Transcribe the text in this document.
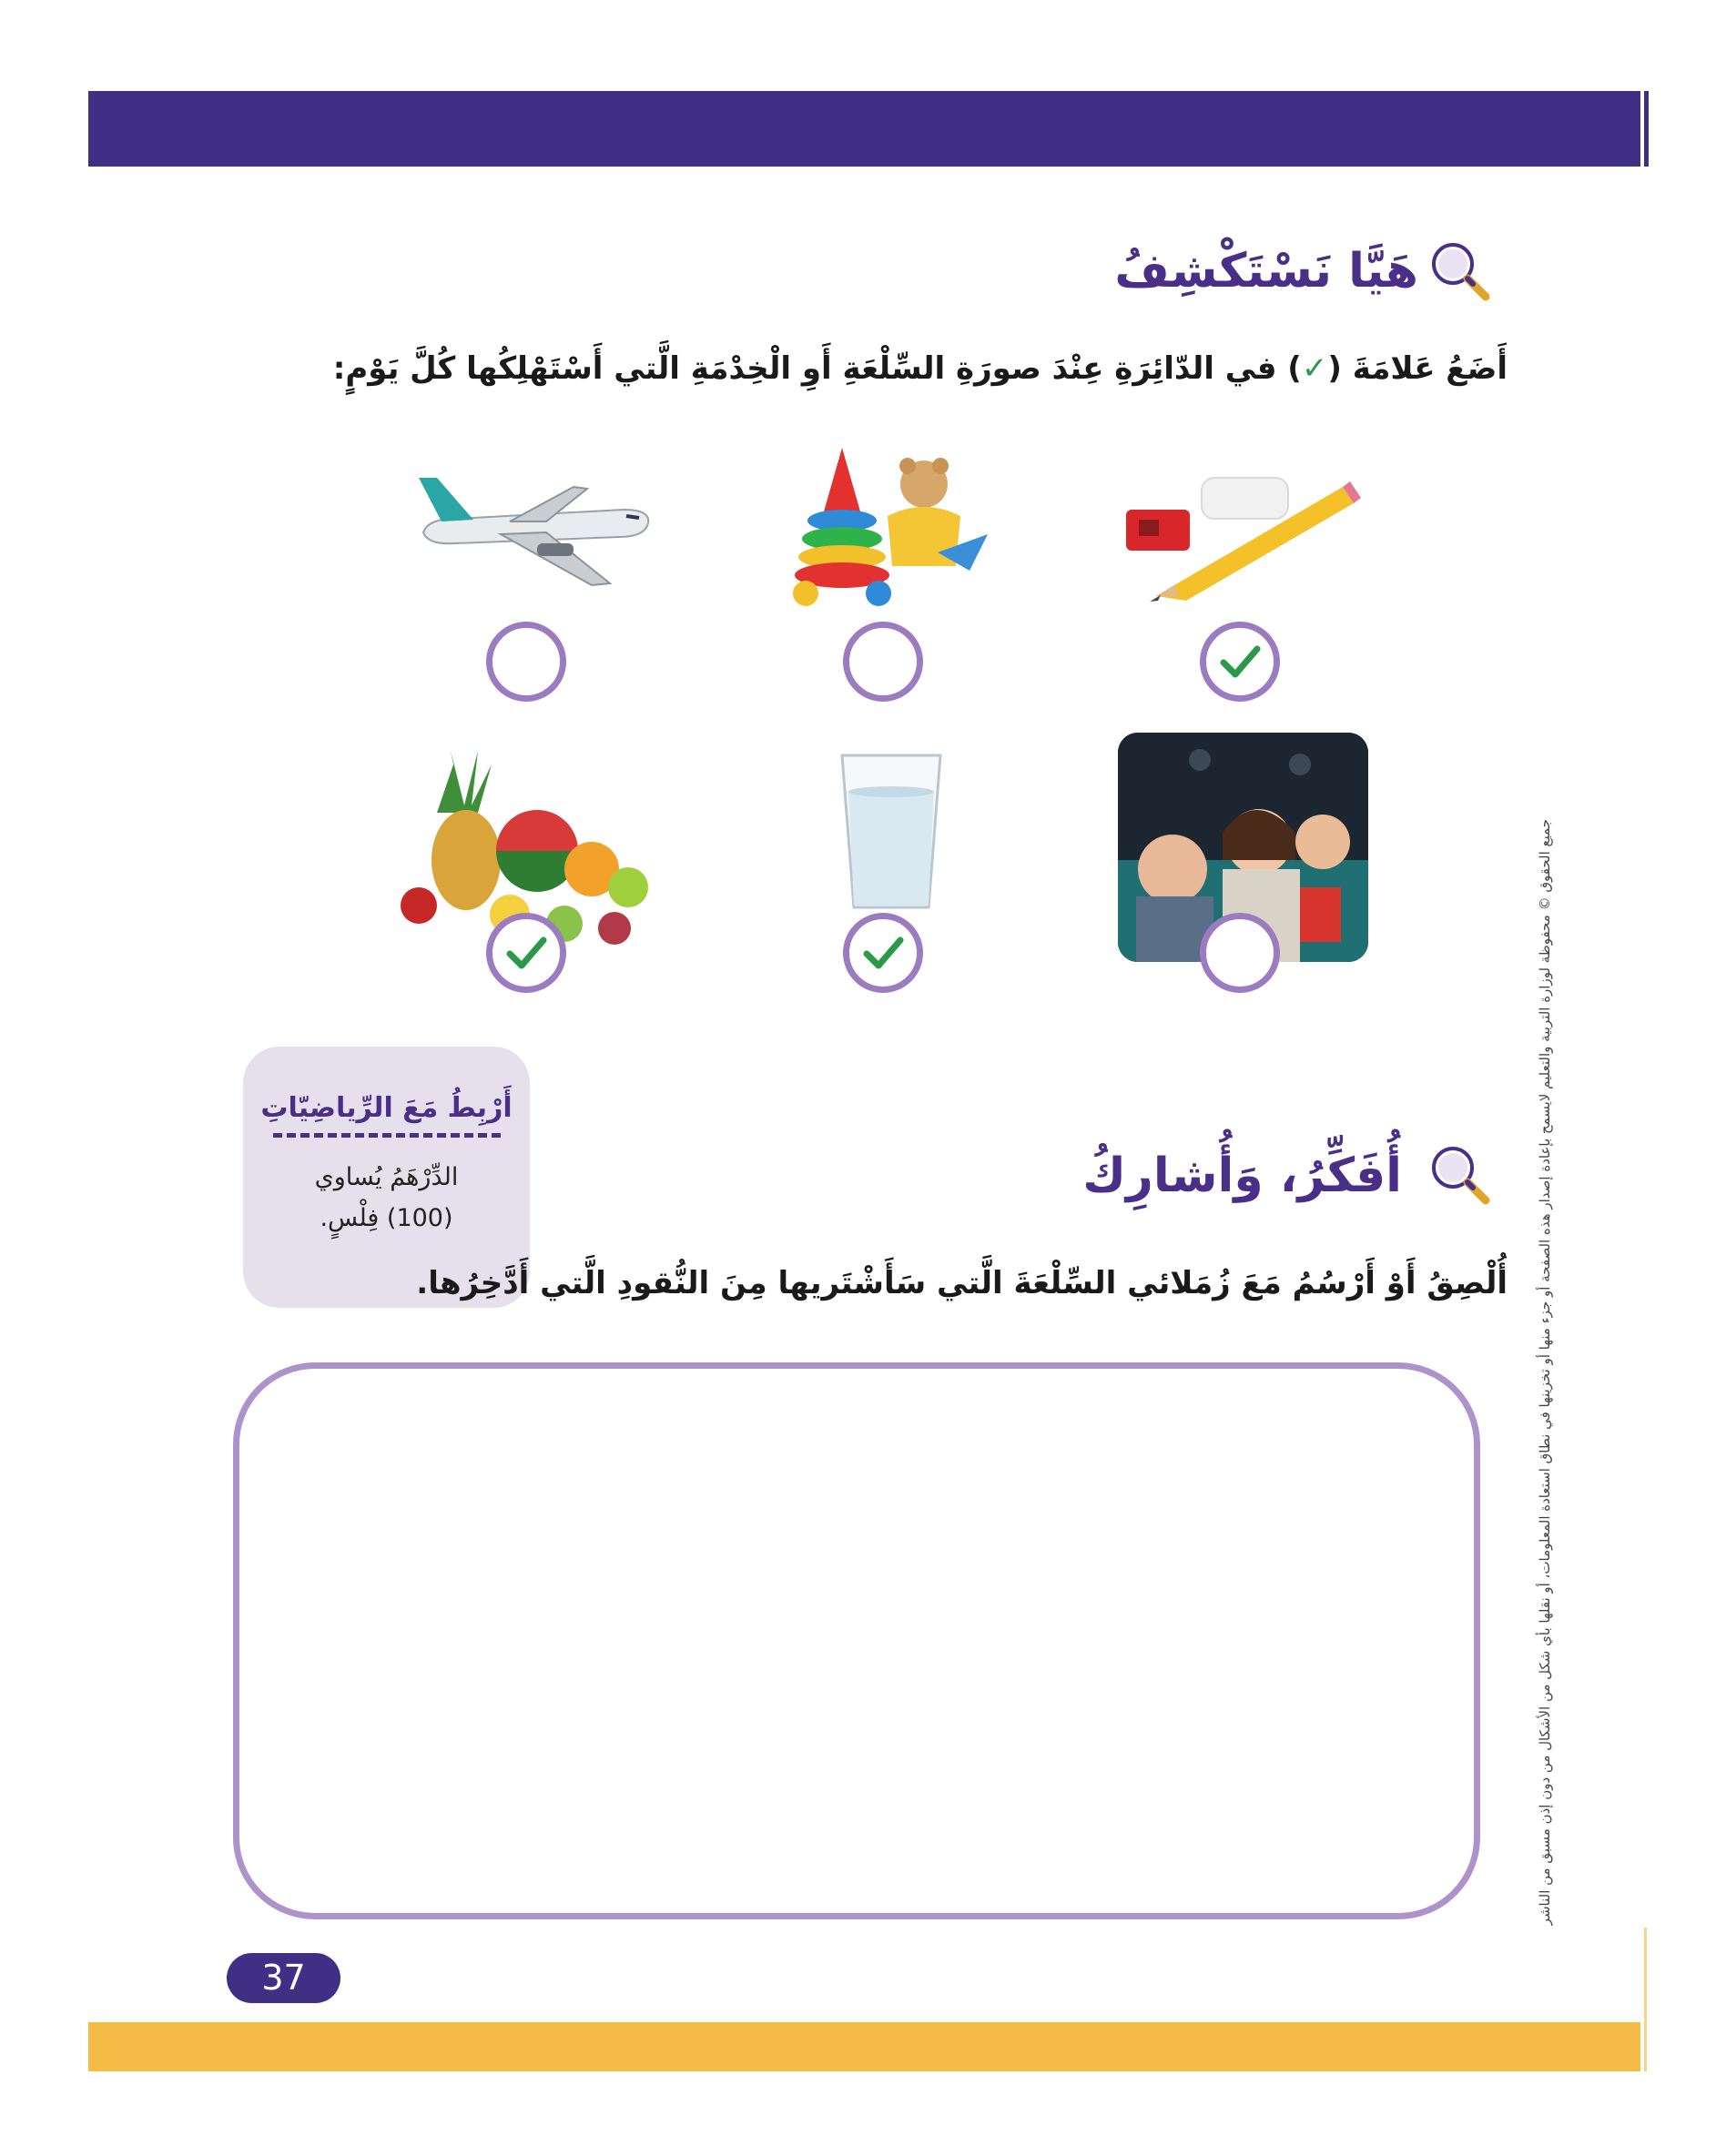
هَيَّا نَسْتَكْشِفُ
أَضَعُ عَلامَةَ (✓) في الدّائِرَةِ عِنْدَ صورَةِ السِّلْعَةِ أَوِ الْخِدْمَةِ الَّتي أَسْتَهْلِكُها كُلَّ يَوْمٍ:
أَرْبِطُ مَعَ الرِّياضِيّاتِ
الدِّرْهَمُ يُساوي
(100) فِلْسٍ.
أُفَكِّرُ، وَأُشارِكُ
أُلْصِقُ أَوْ أَرْسُمُ مَعَ زُمَلائي السِّلْعَةَ الَّتي سَأَشْتَريها مِنَ النُّقودِ الَّتي أَدَّخِرُها.
37
جميع الحقوق © محفوظة لوزارة التربية والتعليم لايسمح بإعادة إصدار هذه الصفحة أو جزء منها أو تخزينها في نطاق استعادة المعلومات، أو نقلها بأي شكل من الأشكال من دون إذن مسبق من الناشر
